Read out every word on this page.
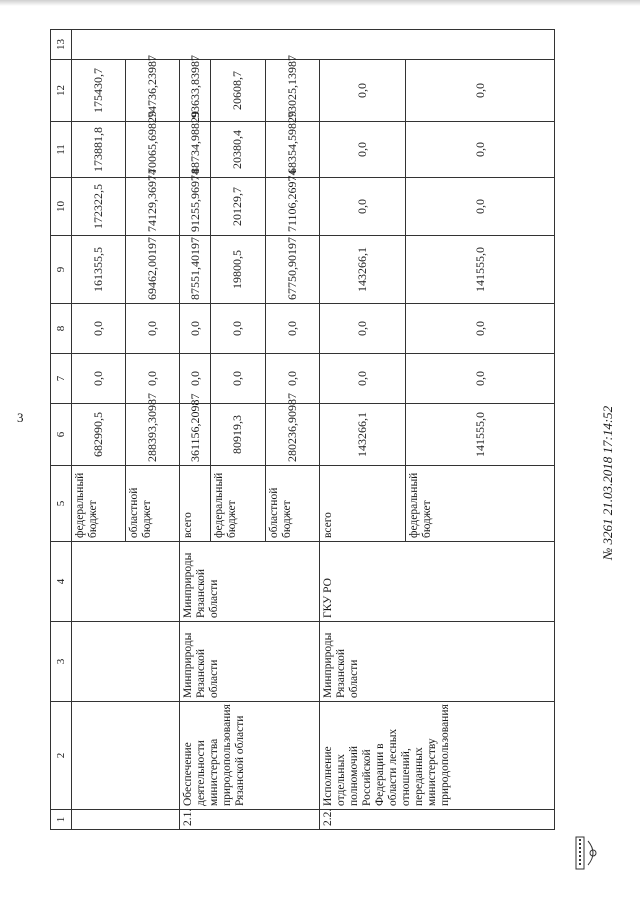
3
1	2	3	4	5	6	7	8	9	10	11	12	13
				федеральный бюджет	682990,5	0,0	0,0	161355,5	172322,5	173881,8	175430,7	
				областной бюджет	288393,30987	0,0	0,0	69462,00197	74129,36974	70065,69829	74736,23987	
2.1.	Обеспечение деятельности министерства природопользования Рязанской области	Минприроды Рязанской области	Минприроды Рязанской области	всего	361156,20987	0,0	0,0	87551,40197	91255,96974	88734,98829	93633,83987	
				федеральный бюджет	80919,3	0,0	0,0	19800,5	20129,7	20380,4	20608,7	
				областной бюджет	280236,90987	0,0	0,0	67750,90197	71106,26974	68354,59829	73025,13987	
2.2.	Исполнение отдельных полномочий Российской Федерации в области лесных отношений, переданных министерству природопользования	Минприроды Рязанской области	ГКУ РО	всего	143266,1	0,0	0,0	143266,1	0,0	0,0	0,0	
				федеральный бюджет	141555,0	0,0	0,0	141555,0	0,0	0,0	0,0	
№ 3261 21.03.2018 17:14:52
